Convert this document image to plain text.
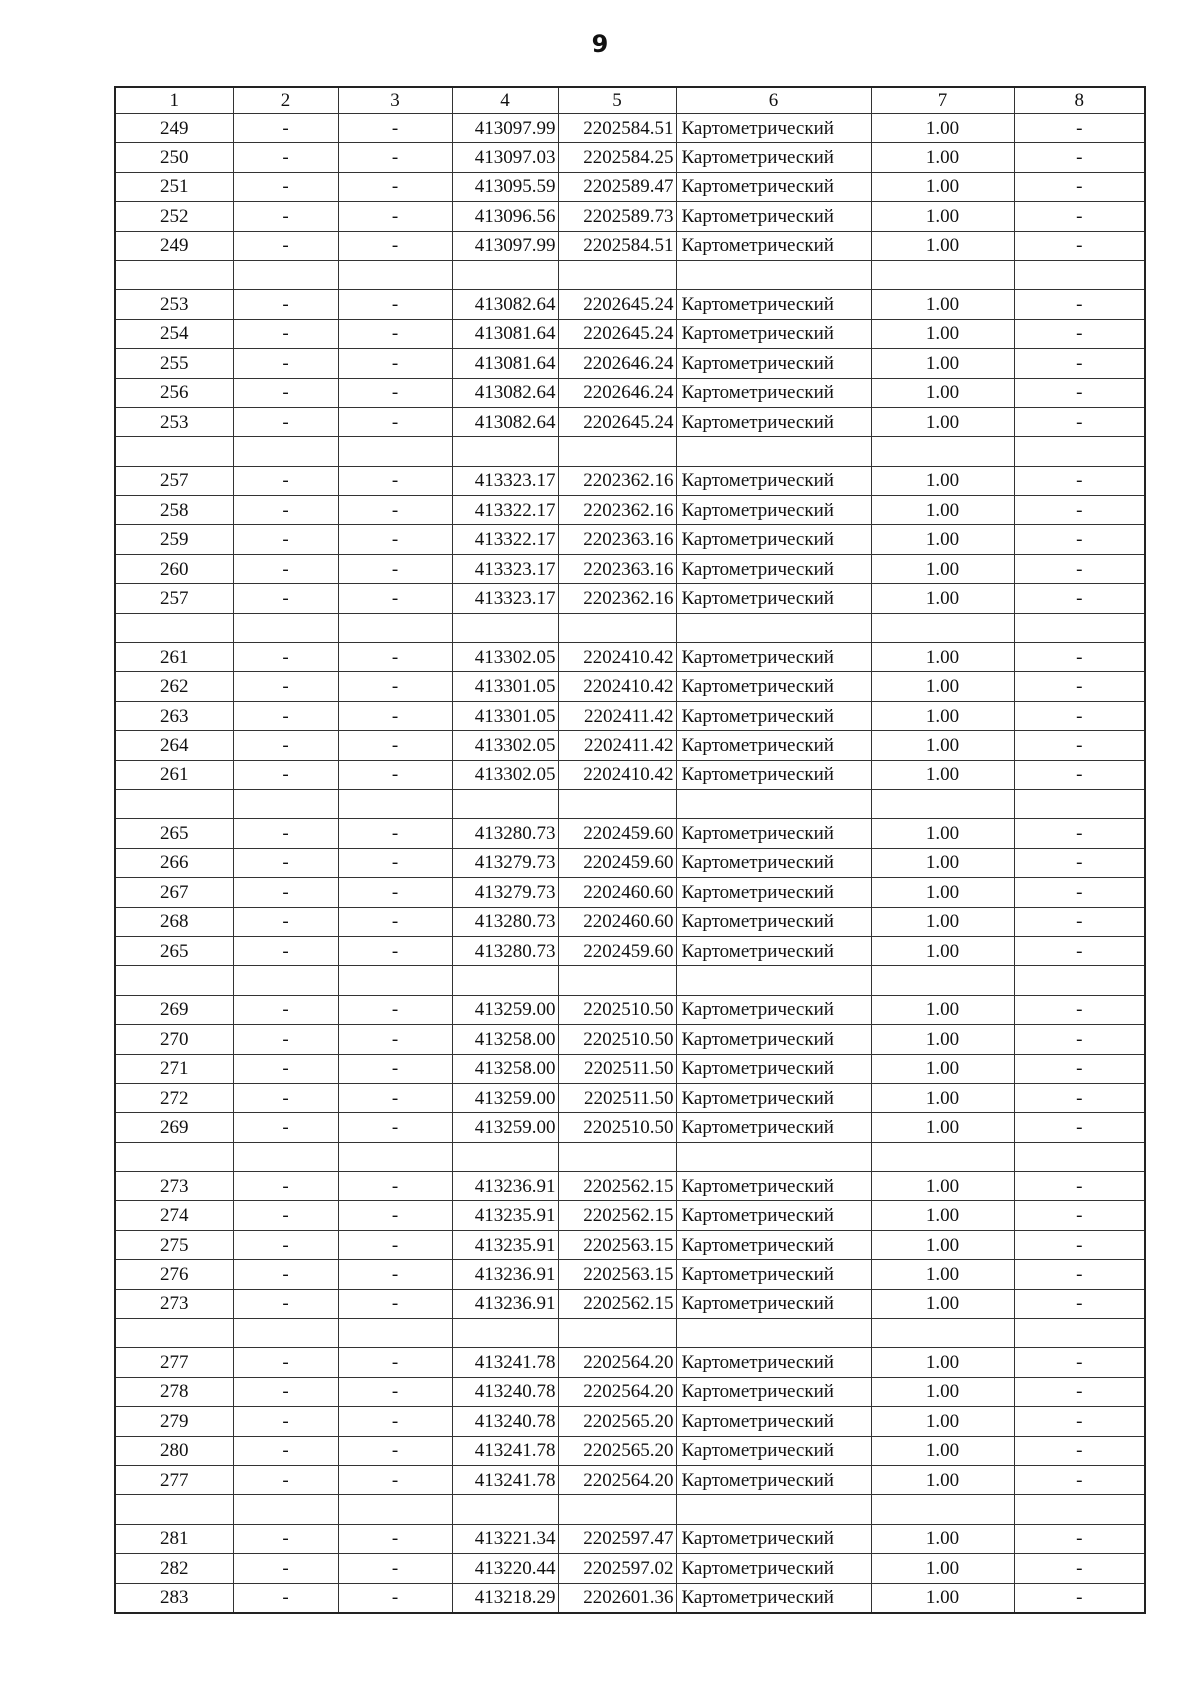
9
1	2	3	4	5	6	7	8
249	-	-	413097.99	2202584.51	Картометрический	1.00	-
250	-	-	413097.03	2202584.25	Картометрический	1.00	-
251	-	-	413095.59	2202589.47	Картометрический	1.00	-
252	-	-	413096.56	2202589.73	Картометрический	1.00	-
249	-	-	413097.99	2202584.51	Картометрический	1.00	-

253	-	-	413082.64	2202645.24	Картометрический	1.00	-
254	-	-	413081.64	2202645.24	Картометрический	1.00	-
255	-	-	413081.64	2202646.24	Картометрический	1.00	-
256	-	-	413082.64	2202646.24	Картометрический	1.00	-
253	-	-	413082.64	2202645.24	Картометрический	1.00	-

257	-	-	413323.17	2202362.16	Картометрический	1.00	-
258	-	-	413322.17	2202362.16	Картометрический	1.00	-
259	-	-	413322.17	2202363.16	Картометрический	1.00	-
260	-	-	413323.17	2202363.16	Картометрический	1.00	-
257	-	-	413323.17	2202362.16	Картометрический	1.00	-

261	-	-	413302.05	2202410.42	Картометрический	1.00	-
262	-	-	413301.05	2202410.42	Картометрический	1.00	-
263	-	-	413301.05	2202411.42	Картометрический	1.00	-
264	-	-	413302.05	2202411.42	Картометрический	1.00	-
261	-	-	413302.05	2202410.42	Картометрический	1.00	-

265	-	-	413280.73	2202459.60	Картометрический	1.00	-
266	-	-	413279.73	2202459.60	Картометрический	1.00	-
267	-	-	413279.73	2202460.60	Картометрический	1.00	-
268	-	-	413280.73	2202460.60	Картометрический	1.00	-
265	-	-	413280.73	2202459.60	Картометрический	1.00	-

269	-	-	413259.00	2202510.50	Картометрический	1.00	-
270	-	-	413258.00	2202510.50	Картометрический	1.00	-
271	-	-	413258.00	2202511.50	Картометрический	1.00	-
272	-	-	413259.00	2202511.50	Картометрический	1.00	-
269	-	-	413259.00	2202510.50	Картометрический	1.00	-

273	-	-	413236.91	2202562.15	Картометрический	1.00	-
274	-	-	413235.91	2202562.15	Картометрический	1.00	-
275	-	-	413235.91	2202563.15	Картометрический	1.00	-
276	-	-	413236.91	2202563.15	Картометрический	1.00	-
273	-	-	413236.91	2202562.15	Картометрический	1.00	-

277	-	-	413241.78	2202564.20	Картометрический	1.00	-
278	-	-	413240.78	2202564.20	Картометрический	1.00	-
279	-	-	413240.78	2202565.20	Картометрический	1.00	-
280	-	-	413241.78	2202565.20	Картометрический	1.00	-
277	-	-	413241.78	2202564.20	Картометрический	1.00	-

281	-	-	413221.34	2202597.47	Картометрический	1.00	-
282	-	-	413220.44	2202597.02	Картометрический	1.00	-
283	-	-	413218.29	2202601.36	Картометрический	1.00	-
